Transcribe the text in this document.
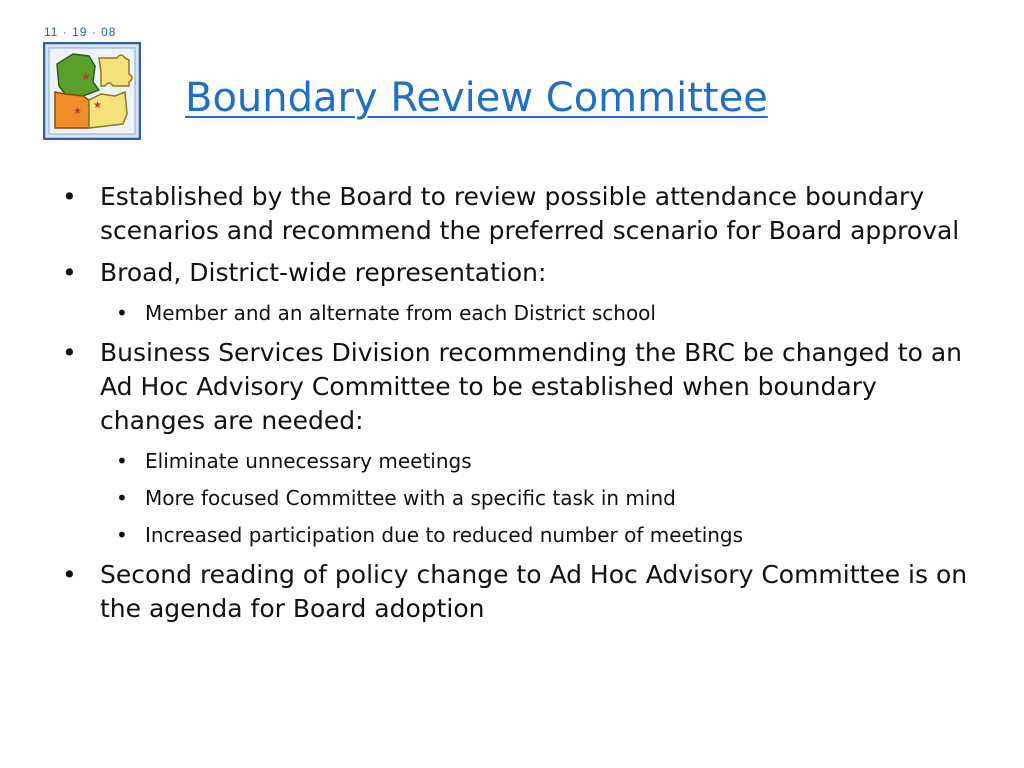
11 · 19 · 08
★
★
★	Boundary Review Committee
• Established by the Board to review possible attendance boundary scenarios and recommend the preferred scenario for Board approval
• Broad, District-wide representation:
• Member and an alternate from each District school
• Business Services Division recommending the BRC be changed to an Ad Hoc Advisory Committee to be established when boundary changes are needed:
• Eliminate unnecessary meetings
• More focused Committee with a specific task in mind
• Increased participation due to reduced number of meetings
• Second reading of policy change to Ad Hoc Advisory Committee is on the agenda for Board adoption
